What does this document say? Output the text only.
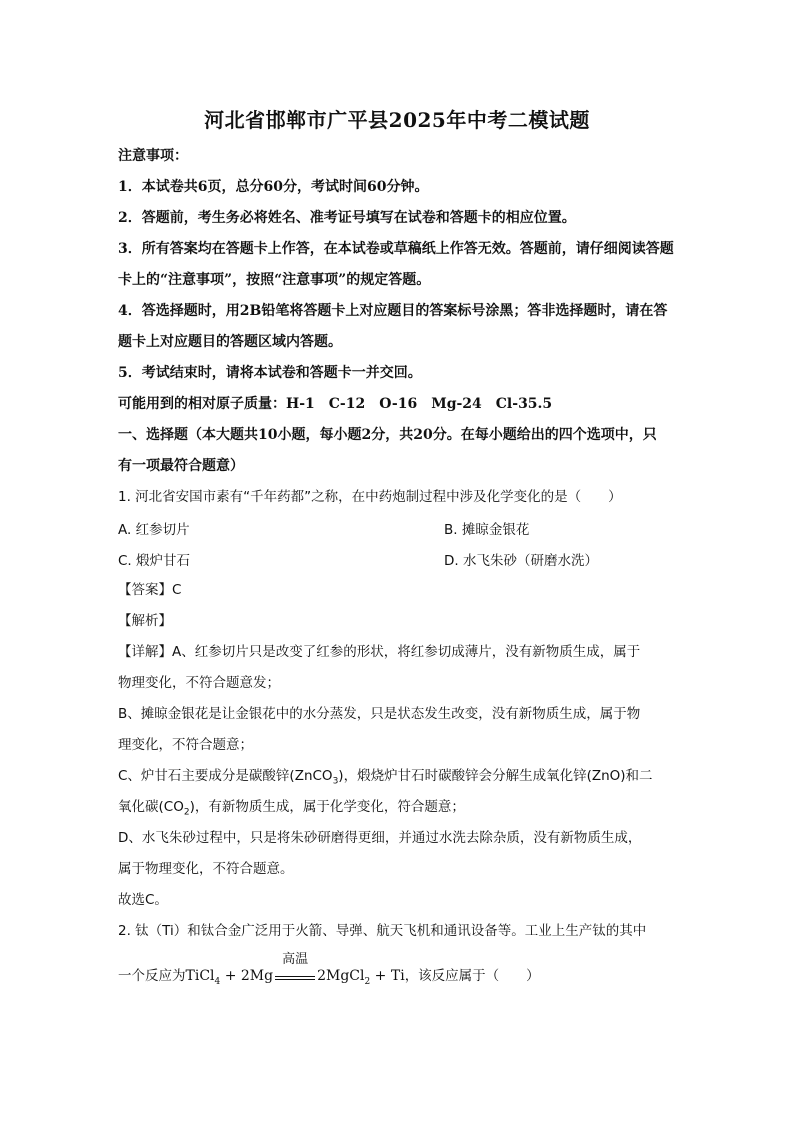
河北省邯郸市广平县2025年中考二模试题
注意事项：
1．本试卷共6页，总分60分，考试时间60分钟。
2．答题前，考生务必将姓名、准考证号填写在试卷和答题卡的相应位置。
3．所有答案均在答题卡上作答，在本试卷或草稿纸上作答无效。答题前，请仔细阅读答题
卡上的“注意事项”，按照“注意事项”的规定答题。
4．答选择题时，用2B铅笔将答题卡上对应题目的答案标号涂黑；答非选择题时，请在答
题卡上对应题目的答题区域内答题。
5．考试结束时，请将本试卷和答题卡一并交回。
可能用到的相对原子质量：H-1　C-12　O-16　Mg-24　Cl-35.5
一、选择题（本大题共10小题，每小题2分，共20分。在每小题给出的四个选项中，只
有一项最符合题意）
1. 河北省安国市素有“千年药都”之称，在中药炮制过程中涉及化学变化的是（　　）
A. 红参切片	B. 摊晾金银花
C. 煅炉甘石	D. 水飞朱砂（研磨水洗）
【答案】C
【解析】
【详解】A、红参切片只是改变了红参的形状，将红参切成薄片，没有新物质生成，属于
物理变化，不符合题意发；
B、摊晾金银花是让金银花中的水分蒸发，只是状态发生改变，没有新物质生成，属于物
理变化，不符合题意；
C、炉甘石主要成分是碳酸锌(ZnCO$_3$)，煅烧炉甘石时碳酸锌会分解生成氧化锌(ZnO)和二
氧化碳$(CO_2)$，有新物质生成，属于化学变化，符合题意；
D、水飞朱砂过程中，只是将朱砂研磨得更细，并通过水洗去除杂质，没有新物质生成，
属于物理变化，不符合题意。
故选C。
2. 钛（Ti）和钛合金广泛用于火箭、导弹、航天飞机和通讯设备等。工业上生产钛的其中
一个反应为TiCl$_4$ + 2Mg
高温
2MgCl$_2$ + Ti，该反应属于（　　）
